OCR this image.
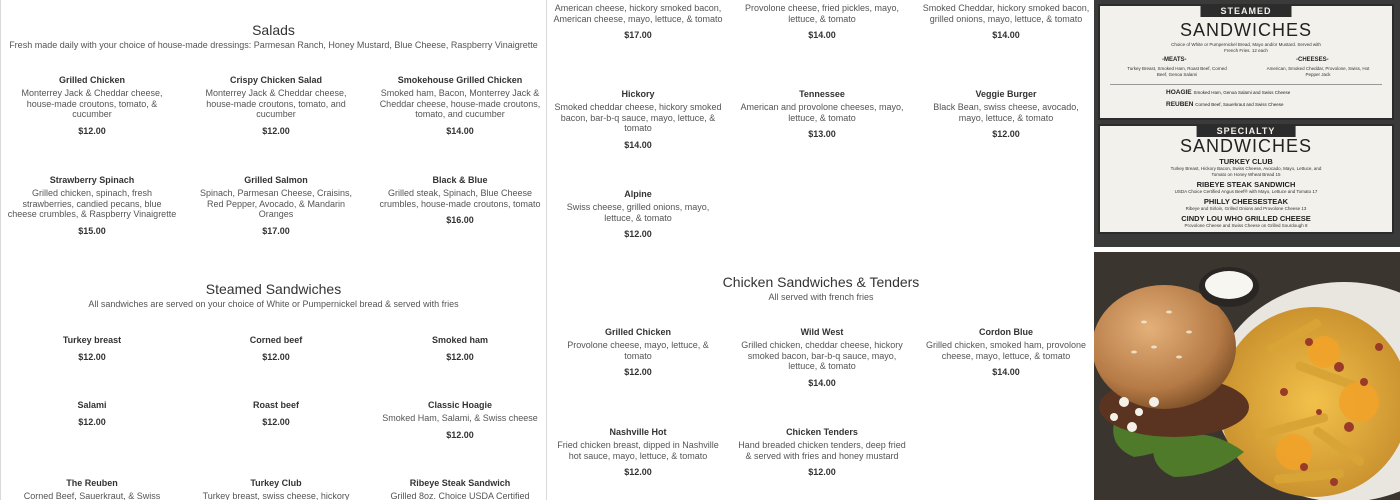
Salads
Fresh made daily with your choice of house-made dressings: Parmesan Ranch, Honey Mustard, Blue Cheese, Raspberry Vinaigrette
Grilled Chicken
Monterrey Jack & Cheddar cheese, house-made croutons, tomato, & cucumber
$12.00
Crispy Chicken Salad
Monterrey Jack & Cheddar cheese, house-made croutons, tomato, and cucumber
$12.00
Smokehouse Grilled Chicken
Smoked ham, Bacon, Monterrey Jack & Cheddar cheese, house-made croutons, tomato, and cucumber
$14.00
Strawberry Spinach
Grilled chicken, spinach, fresh strawberries, candied pecans, blue cheese crumbles, & Raspberry Vinaigrette
$15.00
Grilled Salmon
Spinach, Parmesan Cheese, Craisins, Red Pepper, Avocado, & Mandarin Oranges
$17.00
Black & Blue
Grilled steak, Spinach, Blue Cheese crumbles, house-made croutons, tomato
$16.00
Steamed Sandwiches
All sandwiches are served on your choice of White or Pumpernickel bread & served with fries
Turkey breast
$12.00
Corned beef
$12.00
Smoked ham
$12.00
Salami
$12.00
Roast beef
$12.00
Classic Hoagie
Smoked Ham, Salami, & Swiss cheese
$12.00
The Reuben
Corned Beef, Sauerkraut, & Swiss
Turkey Club
Turkey breast, swiss cheese, hickory
Ribeye Steak Sandwich
Grilled 8oz. Choice USDA Certified
American cheese, hickory smoked bacon, American cheese, mayo, lettuce, & tomato
$17.00
Provolone cheese, fried pickles, mayo, lettuce, & tomato
$14.00
Smoked Cheddar, hickory smoked bacon, grilled onions, mayo, lettuce, & tomato
$14.00
Hickory
Smoked cheddar cheese, hickory smoked bacon, bar-b-q sauce, mayo, lettuce, & tomato
$14.00
Tennessee
American and provolone cheeses, mayo, lettuce, & tomato
$13.00
Veggie Burger
Black Bean, swiss cheese, avocado, mayo, lettuce, & tomato
$12.00
Alpine
Swiss cheese, grilled onions, mayo, lettuce, & tomato
$12.00
Chicken Sandwiches & Tenders
All served with french fries
Grilled Chicken
Provolone cheese, mayo, lettuce, & tomato
$12.00
Wild West
Grilled chicken, cheddar cheese, hickory smoked bacon, bar-b-q sauce, mayo, lettuce, & tomato
$14.00
Cordon Blue
Grilled chicken, smoked ham, provolone cheese, mayo, lettuce, & tomato
$14.00
Nashville Hot
Fried chicken breast, dipped in Nashville hot sauce, mayo, lettuce, & tomato
$12.00
Chicken Tenders
Hand breaded chicken tenders, deep fried & served with fries and honey mustard
$12.00
STEAMED
SANDWICHES
Choice of White or Pumpernickel Bread, Mayo and/or Mustard. Served with French Fries. 12 each
-MEATS-
Turkey Breast, Smoked Ham, Roast Beef, Corned Beef, Genoa Salami
-CHEESES-
American, Smoked Cheddar, Provolone, Swiss, Hot Pepper Jack
HOAGIE Smoked Ham, Genoa Salami and Swiss Cheese
REUBEN Corned Beef, Sauerkraut and Swiss Cheese
SPECIALTY
SANDWICHES
TURKEY CLUB
Turkey Breast, Hickory Bacon, Swiss Cheese, Avocado, Mayo, Lettuce, and Tomato on Honey Wheat Bread 15
RIBEYE STEAK SANDWICH
USDA Choice Certified Angus Beef® with Mayo, Lettuce and Tomato 17
PHILLY CHEESESTEAK
Ribeye and Sirloin, Grilled Onions and Provolone Cheese 13
CINDY LOU WHO GRILLED CHEESE
Provolone Cheese and Swiss Cheese on Grilled Sourdough 8
